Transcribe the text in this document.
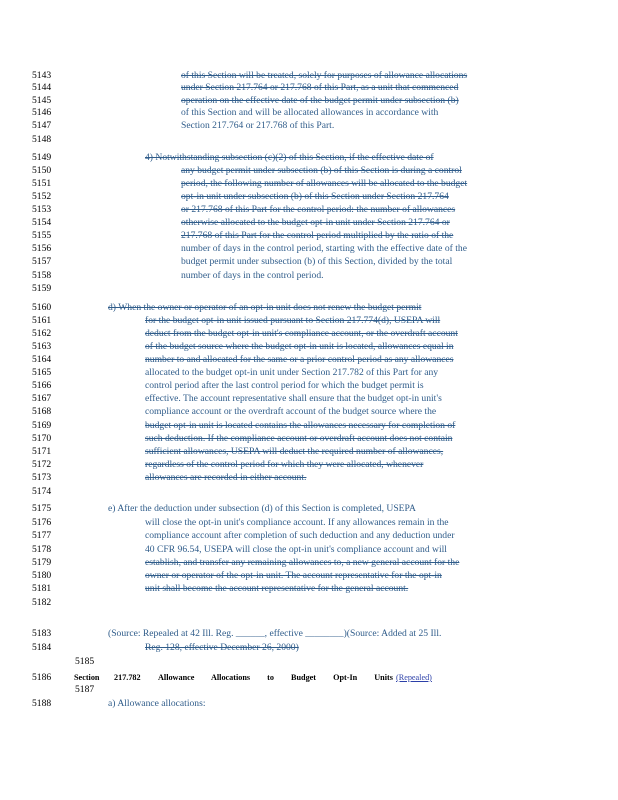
5143	of this Section will be treated, solely for purposes of allowance allocations
5144	under Section 217.764 or 217.768 of this Part, as a unit that commenced
5145	operation on the effective date of the budget permit under subsection (b)
5146	of this Section and will be allocated allowances in accordance with
5147	Section 217.764 or 217.768 of this Part.
5148
5149	4) Notwithstanding subsection (c)(2) of this Section, if the effective date of
5150	any budget permit under subsection (b) of this Section is during a control
5151	period, the following number of allowances will be allocated to the budget
5152	opt-in unit under subsection (b) of this Section under Section 217.764
5153	or 217.768 of this Part for the control period: the number of allowances
5154	otherwise allocated to the budget opt-in unit under Section 217.764 or
5155	217.768 of this Part for the control period multiplied by the ratio of the
5156	number of days in the control period, starting with the effective date of the
5157	budget permit under subsection (b) of this Section, divided by the total
5158	number of days in the control period.
5159
5160	d) When the owner or operator of an opt-in unit does not renew the budget permit
5161	for the budget opt-in unit issued pursuant to Section 217.774(d), USEPA will
5162	deduct from the budget opt-in unit's compliance account, or the overdraft account
5163	of the budget source where the budget opt-in unit is located, allowances equal in
5164	number to and allocated for the same or a prior control period as any allowances
5165	allocated to the budget opt-in unit under Section 217.782 of this Part for any
5166	control period after the last control period for which the budget permit is
5167	effective. The account representative shall ensure that the budget opt-in unit's
5168	compliance account or the overdraft account of the budget source where the
5169	budget opt-in unit is located contains the allowances necessary for completion of
5170	such deduction. If the compliance account or overdraft account does not contain
5171	sufficient allowances, USEPA will deduct the required number of allowances,
5172	regardless of the control period for which they were allocated, whenever
5173	allowances are recorded in either account.
5174
5175	e) After the deduction under subsection (d) of this Section is completed, USEPA
5176	will close the opt-in unit's compliance account. If any allowances remain in the
5177	compliance account after completion of such deduction and any deduction under
5178	40 CFR 96.54, USEPA will close the opt-in unit's compliance account and will
5179	establish, and transfer any remaining allowances to, a new general account for the
5180	owner or operator of the opt-in unit. The account representative for the opt-in
5181	unit shall become the account representative for the general account.
5182
5183	(Source: Repealed at 42 Ill. Reg. ______, effective ________)(Source: Added at 25 Ill.
5184	Reg. 128, effective December 26, 2000)
5185
5186	Section 217.782 Allowance Allocations to Budget Opt-In Units (Repealed)
5187
5188	a) Allowance allocations:
